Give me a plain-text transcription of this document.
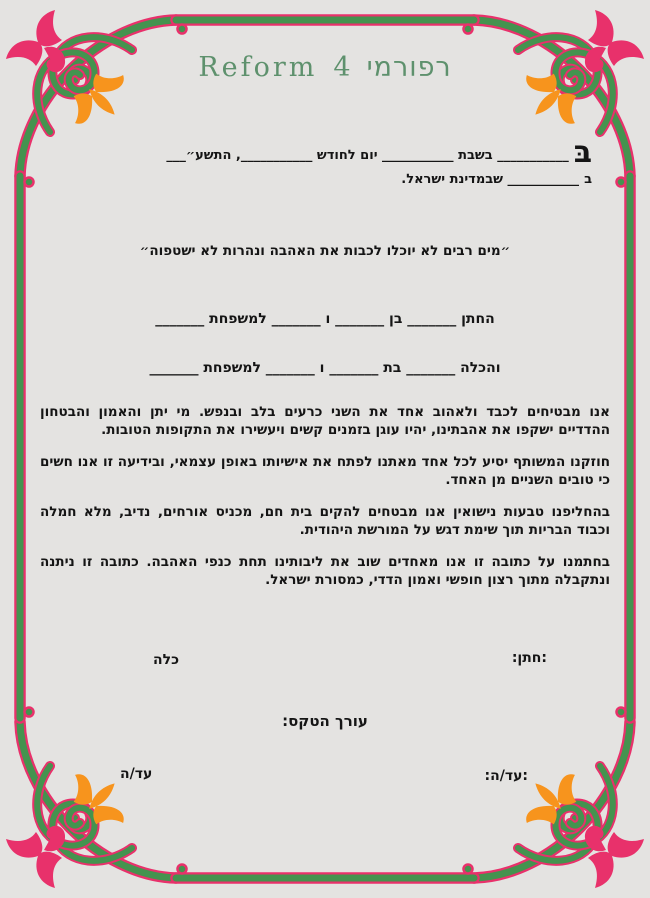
Reform 4 רפורמי
בּ___________ בשבת ___________ יום לחודש ___________, התשע״___
ב___________ שבמדינת ישראל.
״מים רבים לא יוכלו לכבות את האהבה ונהרות לא ישטפוה״
החתן _______ בן _______ ו _______ למשפחת _______
והכלה _______ בת _______ ו _______ למשפחת _______

אנו מבטיחים לכבד ולאהוב אחד את השני כרעים בלב ובנפש. מי יתן והאמון והבטחון ההדדיים ישקפו את אהבתינו, יהיו עוגן בזמנים קשים ויעשירו את התקופות הטובות.

חוזקנו המשותף יסיע לכל אחד מאתנו לפתח את אישיותו באופן עצמאי, ובידיעה זו אנו חשים כי טובים השניים מן האחד.

בהחליפנו טבעות נישואין אנו מבטחים להקים בית חם, מכניס אורחים, נדיב, מלא חמלה וכבוד הבריות תוך שימת דגש על המורשת היהודית.

בחתמנו על כתובה זו אנו מאחדים שוב את ליבותינו תחת כנפי האהבה. כתובה זו ניתנה ונתקבלה מתוך רצון חופשי ואמון הדדי, כמסורת ישראל.

:חתן:
כלה
עורך הטקס:
:עד/ה:
עד/ה
